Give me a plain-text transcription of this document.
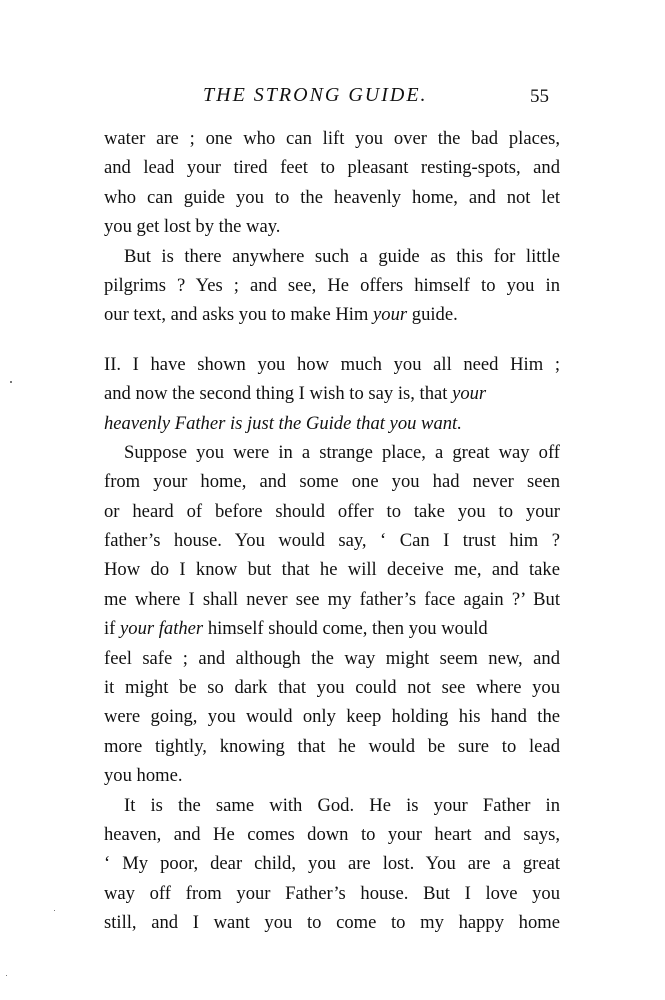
THE STRONG GUIDE.	55
water are ; one who can lift you over the bad places,
and lead your tired feet to pleasant resting-spots, and
who can guide you to the heavenly home, and not let
you get lost by the way.
But is there anywhere such a guide as this for little
pilgrims ? Yes ; and see, He offers himself to you in
our text, and asks you to make Him your guide.
II. I have shown you how much you all need Him ;
and now the second thing I wish to say is, that your
heavenly Father is just the Guide that you want.
Suppose you were in a strange place, a great way off
from your home, and some one you had never seen
or heard of before should offer to take you to your
father’s house. You would say, ‘ Can I trust him ?
How do I know but that he will deceive me, and take
me where I shall never see my father’s face again ?’ But
if your father himself should come, then you would
feel safe ; and although the way might seem new, and
it might be so dark that you could not see where you
were going, you would only keep holding his hand the
more tightly, knowing that he would be sure to lead
you home.
It is the same with God. He is your Father in
heaven, and He comes down to your heart and says,
‘ My poor, dear child, you are lost. You are a great
way off from your Father’s house. But I love you
still, and I want you to come to my happy home
